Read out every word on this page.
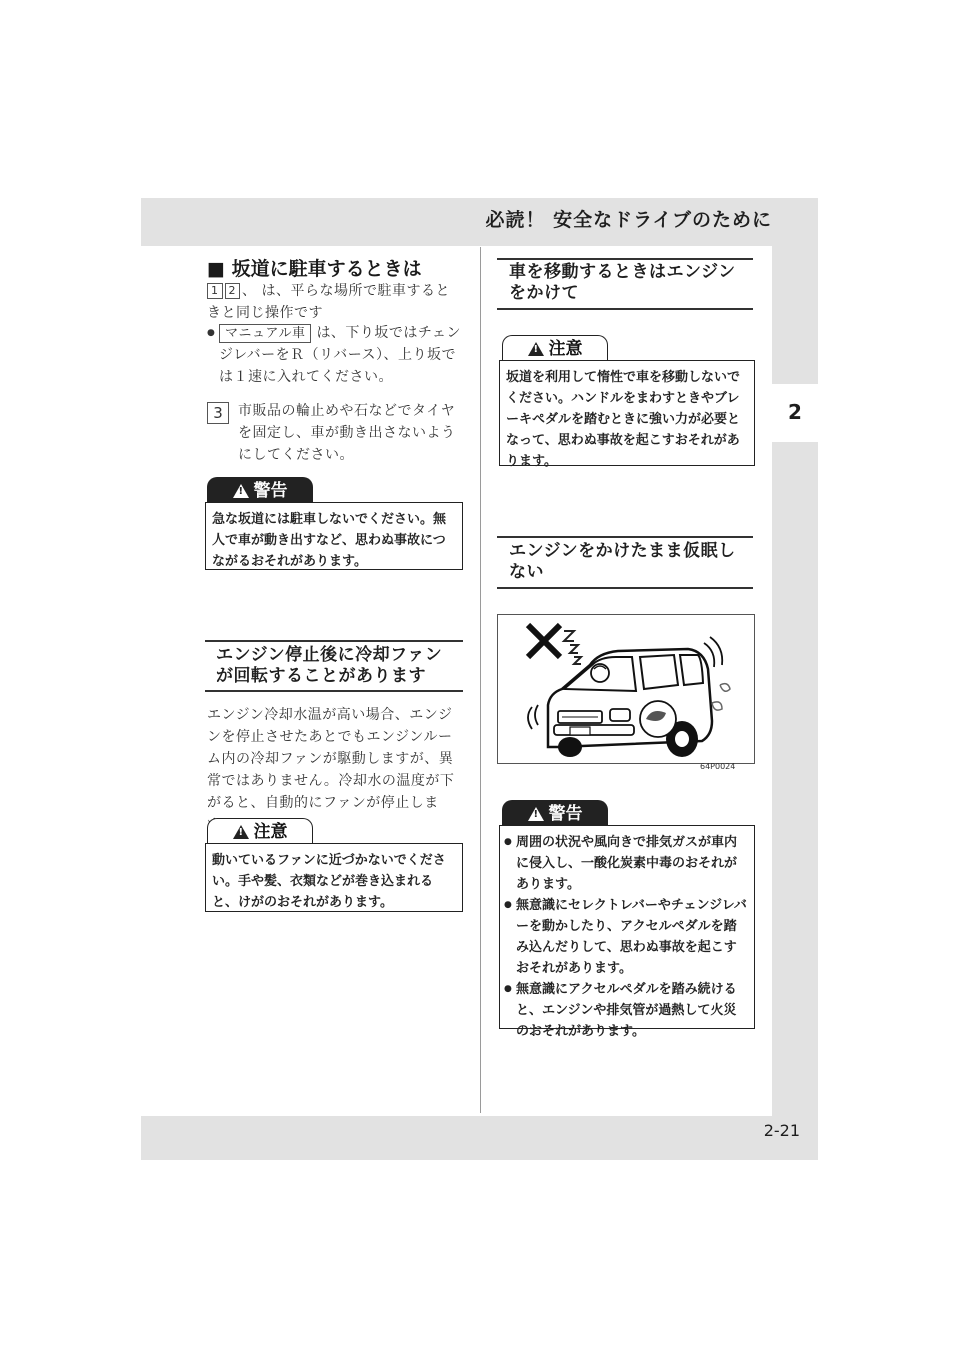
2
必読！ 安全なドライブのために
2-21
■ 坂道に駐車するときは
1 2 、 は、平らな場所で駐車するときと同じ操作です
● マニュアル車 は、下り坂ではチェンジレバーをＲ（リバース）、上り坂では１速に入れてください。
3	市販品の輪止めや石などでタイヤを固定し、車が動き出さないようにしてください。
!警告
急な坂道には駐車しないでください。無人で車が動き出すなど、思わぬ事故につながるおそれがあります。
エンジン停止後に冷却ファンが回転することがあります
エンジン冷却水温が高い場合、エンジンを停止させたあとでもエンジンルーム内の冷却ファンが駆動しますが、異常ではありません。冷却水の温度が下がると、自動的にファンが停止しま
!注意
動いているファンに近づかないでください。手や髪、衣類などが巻き込まれると、けがのおそれがあります。
車を移動するときはエンジンをかけて
!注意
坂道を利用して惰性で車を移動しないでください。ハンドルをまわすときやブレーキペダルを踏むときに強い力が必要となって、思わぬ事故を起こすおそれがあります。
エンジンをかけたまま仮眠しない
64P0024
!警告
● 周囲の状況や風向きで排気ガスが車内に侵入し、一酸化炭素中毒のおそれがあります。
● 無意識にセレクトレバーやチェンジレバーを動かしたり、アクセルペダルを踏み込んだりして、思わぬ事故を起こすおそれがあります。
● 無意識にアクセルペダルを踏み続けると、エンジンや排気管が過熱して火災のおそれがあります。
